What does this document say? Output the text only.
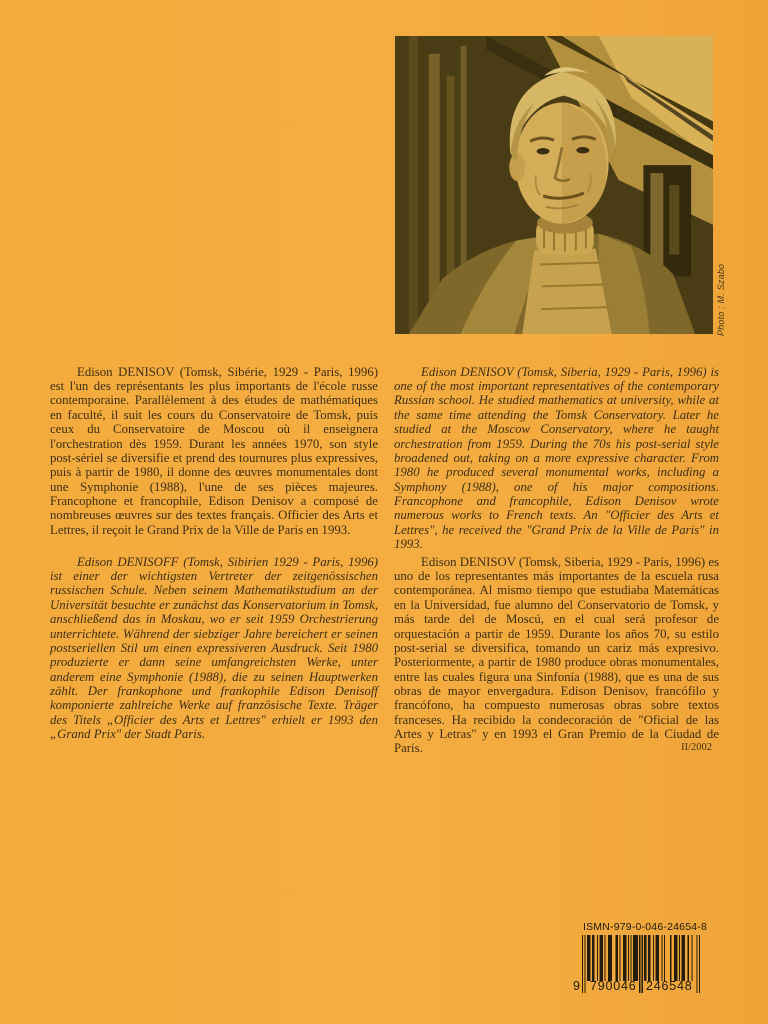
Photo : M. Szabo

Edison DENISOV (Tomsk, Sibérie, 1929 - Paris, 1996) est l'un des représentants les plus importants de l'école russe contemporaine. Parallèlement à des études de mathématiques en faculté, il suit les cours du Conservatoire de Tomsk, puis ceux du Conservatoire de Moscou où il enseignera l'orchestration dès 1959. Durant les années 1970, son style post-sériel se diversifie et prend des tournures plus expressives, puis à partir de 1980, il donne des œuvres monumentales dont une Symphonie (1988), l'une de ses pièces majeures. Francophone et francophile, Edison Denisov a composé de nombreuses œuvres sur des textes français. Officier des Arts et Lettres, il reçoit le Grand Prix de la Ville de Paris en 1993.

Edison DENISOV (Tomsk, Siberia, 1929 - Paris, 1996) is one of the most important representatives of the contemporary Russian school. He studied mathematics at university, while at the same time attending the Tomsk Conservatory. Later he studied at the Moscow Conservatory, where he taught orchestration from 1959. During the 70s his post-serial style broadened out, taking on a more expressive character. From 1980 he produced several monumental works, including a Symphony (1988), one of his major compositions. Francophone and francophile, Edison Denisov wrote numerous works to French texts. An "Officier des Arts et Lettres", he received the "Grand Prix de la Ville de Paris" in 1993.

Edison DENISOFF (Tomsk, Sibirien 1929 - Paris, 1996) ist einer der wichtigsten Vertreter der zeitgenössischen russischen Schule. Neben seinem Mathematikstudium an der Universität besuchte er zunächst das Konservatorium in Tomsk, anschließend das in Moskau, wo er seit 1959 Orchestrierung unterrichtete. Während der siebziger Jahre bereichert er seinen postseriellen Stil um einen expressiveren Ausdruck. Seit 1980 produzierte er dann seine umfangreichsten Werke, unter anderem eine Symphonie (1988), die zu seinen Hauptwerken zählt. Der frankophone und frankophile Edison Denisoff komponierte zahlreiche Werke auf französische Texte. Träger des Titels „Officier des Arts et Lettres" erhielt er 1993 den „Grand Prix" der Stadt Paris.

Edison DENISOV (Tomsk, Siberia, 1929 - París, 1996) es uno de los representantes más importantes de la escuela rusa contemporánea. Al mismo tiempo que estudiaba Matemáticas en la Universidad, fue alumno del Conservatorio de Tomsk, y más tarde del de Moscú, en el cual será profesor de orquestación a partir de 1959. Durante los años 70, su estilo post-serial se diversifica, tomando un cariz más expresivo. Posteriormente, a partir de 1980 produce obras monumentales, entre las cuales figura una Sinfonía (1988), que es una de sus obras de mayor envergadura. Edison Denisov, francófilo y francófono, ha compuesto numerosas obras sobre textos franceses. Ha recibido la condecoración de "Oficial de las Artes y Letras" y en 1993 el Gran Premio de la Ciudad de París.	II/2002
ISMN-979-0-046-24654-8
9 790046 246548
